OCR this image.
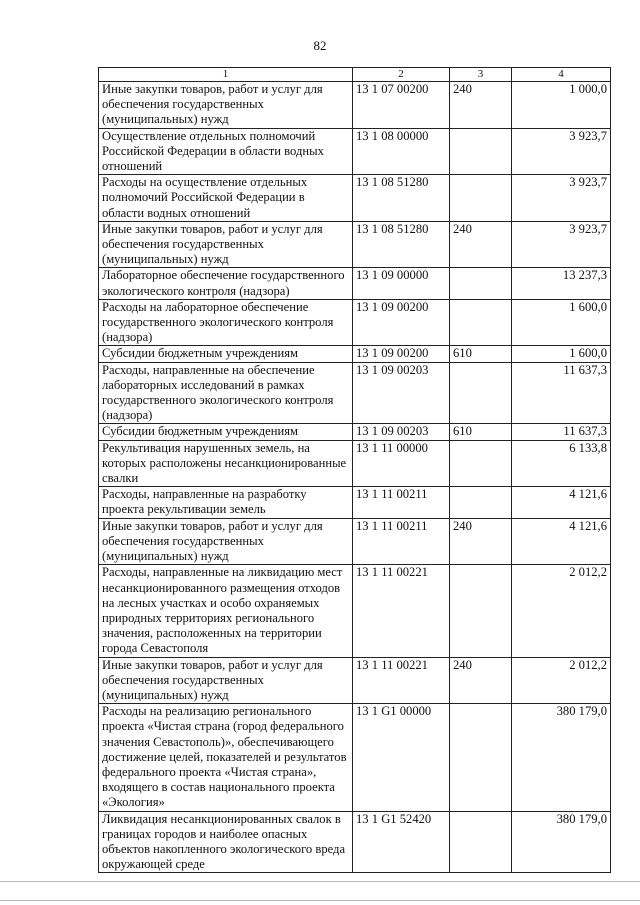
82
1	2	3	4
Иные закупки товаров, работ и услуг для обеспечения государственных (муниципальных) нужд	13 1 07 00200	240	1 000,0
Осуществление отдельных полномочий Российской Федерации в области водных отношений	13 1 08 00000		3 923,7
Расходы на осуществление отдельных полномочий Российской Федерации в области водных отношений	13 1 08 51280		3 923,7
Иные закупки товаров, работ и услуг для обеспечения государственных (муниципальных) нужд	13 1 08 51280	240	3 923,7
Лабораторное обеспечение государственного экологического контроля (надзора)	13 1 09 00000		13 237,3
Расходы на лабораторное обеспечение государственного экологического контроля (надзора)	13 1 09 00200		1 600,0
Субсидии бюджетным учреждениям	13 1 09 00200	610	1 600,0
Расходы, направленные на обеспечение лабораторных исследований в рамках государственного экологического контроля (надзора)	13 1 09 00203		11 637,3
Субсидии бюджетным учреждениям	13 1 09 00203	610	11 637,3
Рекультивация нарушенных земель, на которых расположены несанкционированные свалки	13 1 11 00000		6 133,8
Расходы, направленные на разработку проекта рекультивации земель	13 1 11 00211		4 121,6
Иные закупки товаров, работ и услуг для обеспечения государственных (муниципальных) нужд	13 1 11 00211	240	4 121,6
Расходы, направленные на ликвидацию мест несанкционированного размещения отходов на лесных участках и особо охраняемых природных территориях регионального значения, расположенных на территории города Севастополя	13 1 11 00221		2 012,2
Иные закупки товаров, работ и услуг для обеспечения государственных (муниципальных) нужд	13 1 11 00221	240	2 012,2
Расходы на реализацию регионального проекта «Чистая страна (город федерального значения Севастополь)», обеспечивающего достижение целей, показателей и результатов федерального проекта «Чистая страна», входящего в состав национального проекта «Экология»	13 1 G1 00000		380 179,0
Ликвидация несанкционированных свалок в границах городов и наиболее опасных объектов накопленного экологического вреда окружающей среде	13 1 G1 52420		380 179,0
